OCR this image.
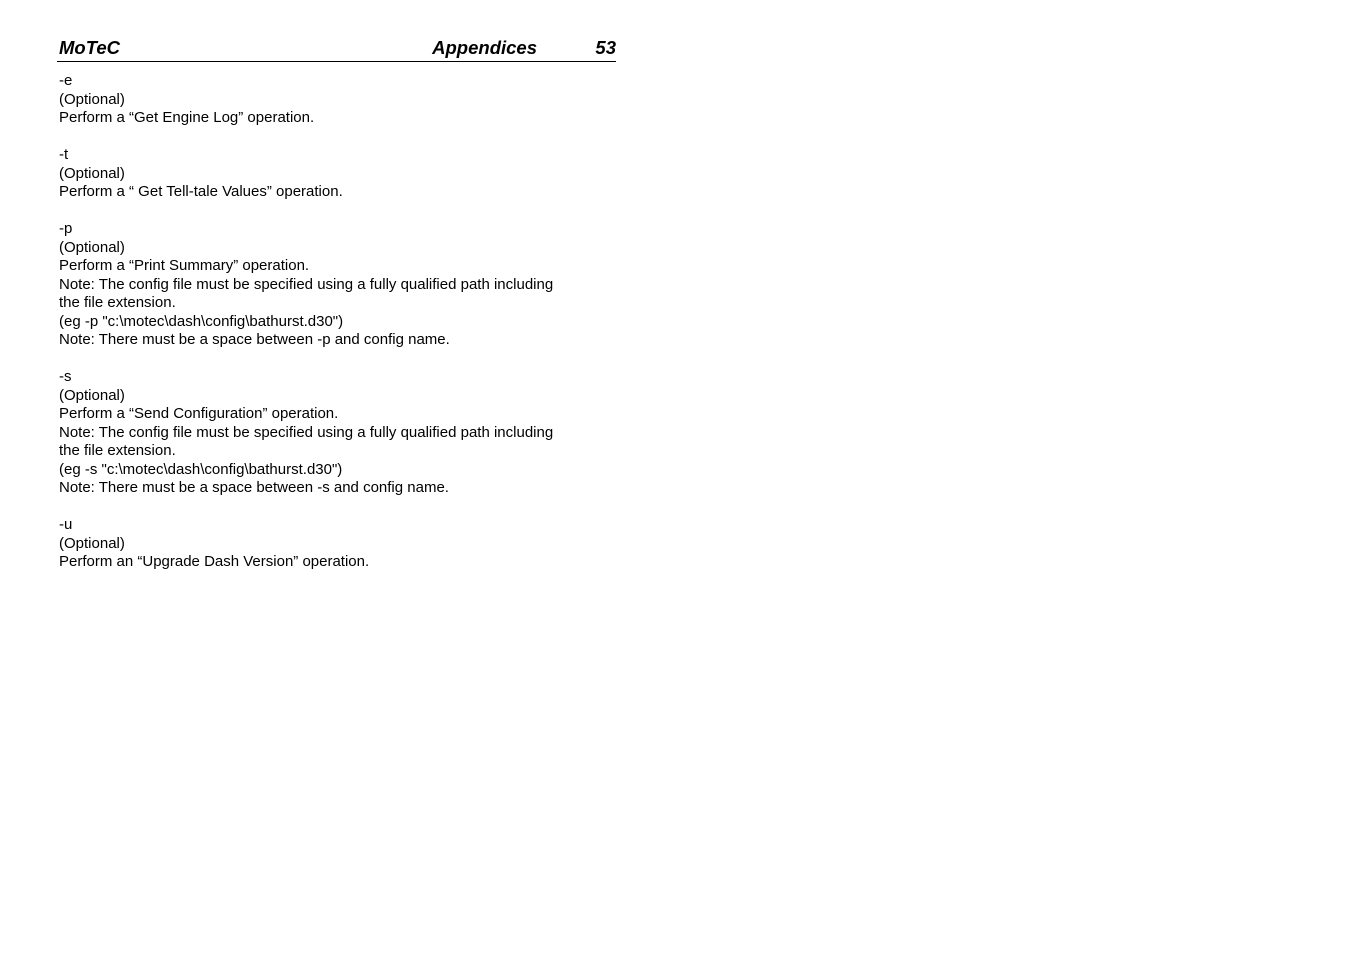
MoTeC	Appendices	53
-e
(Optional)
Perform a “Get Engine Log” operation.
-t
(Optional)
Perform a “ Get Tell-tale Values” operation.
-p
(Optional)
Perform a “Print Summary” operation.
Note: The config file must be specified using a fully qualified path including
the file extension.
(eg -p "c:\motec\dash\config\bathurst.d30")
Note: There must be a space between -p and config name.
-s
(Optional)
Perform a “Send Configuration” operation.
Note: The config file must be specified using a fully qualified path including
the file extension.
(eg -s "c:\motec\dash\config\bathurst.d30")
Note: There must be a space between -s and config name.
-u
(Optional)
Perform an “Upgrade Dash Version” operation.
